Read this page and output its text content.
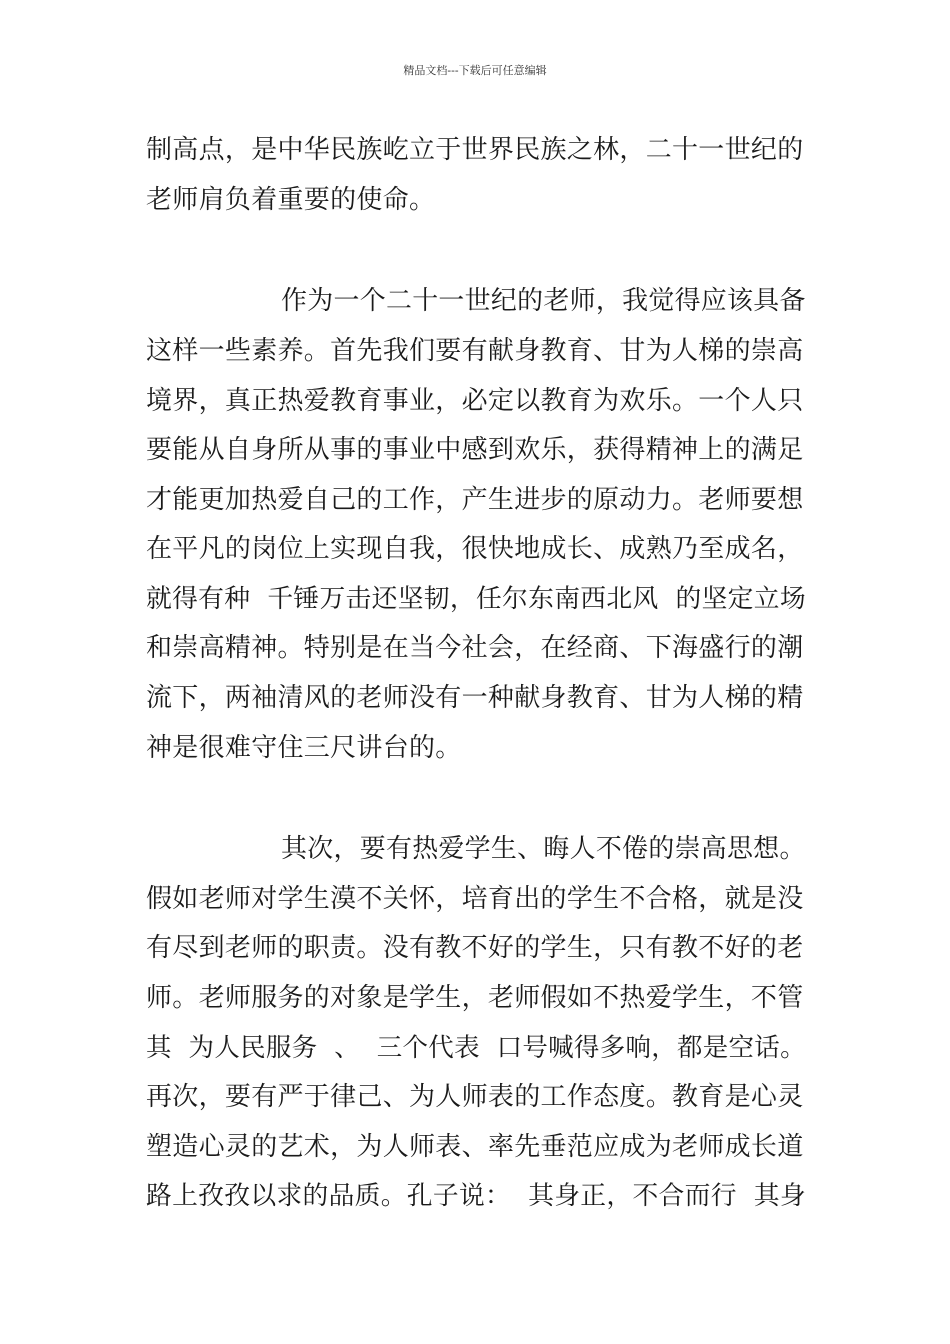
精品文档---下载后可任意编辑
制高点，是中华民族屹立于世界民族之林，二十一世纪的
老师肩负着重要的使命。
作为一个二十一世纪的老师，我觉得应该具备
这样一些素养。首先我们要有献身教育、甘为人梯的崇高
境界，真正热爱教育事业，必定以教育为欢乐。一个人只
要能从自身所从事的事业中感到欢乐，获得精神上的满足
才能更加热爱自己的工作，产生进步的原动力。老师要想
在平凡的岗位上实现自我，很快地成长、成熟乃至成名，
就得有种  千锤万击还坚韧，任尔东南西北风  的坚定立场
和崇高精神。特别是在当今社会，在经商、下海盛行的潮
流下，两袖清风的老师没有一种献身教育、甘为人梯的精
神是很难守住三尺讲台的。
其次，要有热爱学生、晦人不倦的崇高思想。
假如老师对学生漠不关怀，培育出的学生不合格，就是没
有尽到老师的职责。没有教不好的学生，只有教不好的老
师。老师服务的对象是学生，老师假如不热爱学生，不管
其  为人民服务  、  三个代表  口号喊得多响，都是空话。
再次，要有严于律己、为人师表的工作态度。教育是心灵
塑造心灵的艺术，为人师表、率先垂范应成为老师成长道
路上孜孜以求的品质。孔子说：  其身正，不合而行  其身
